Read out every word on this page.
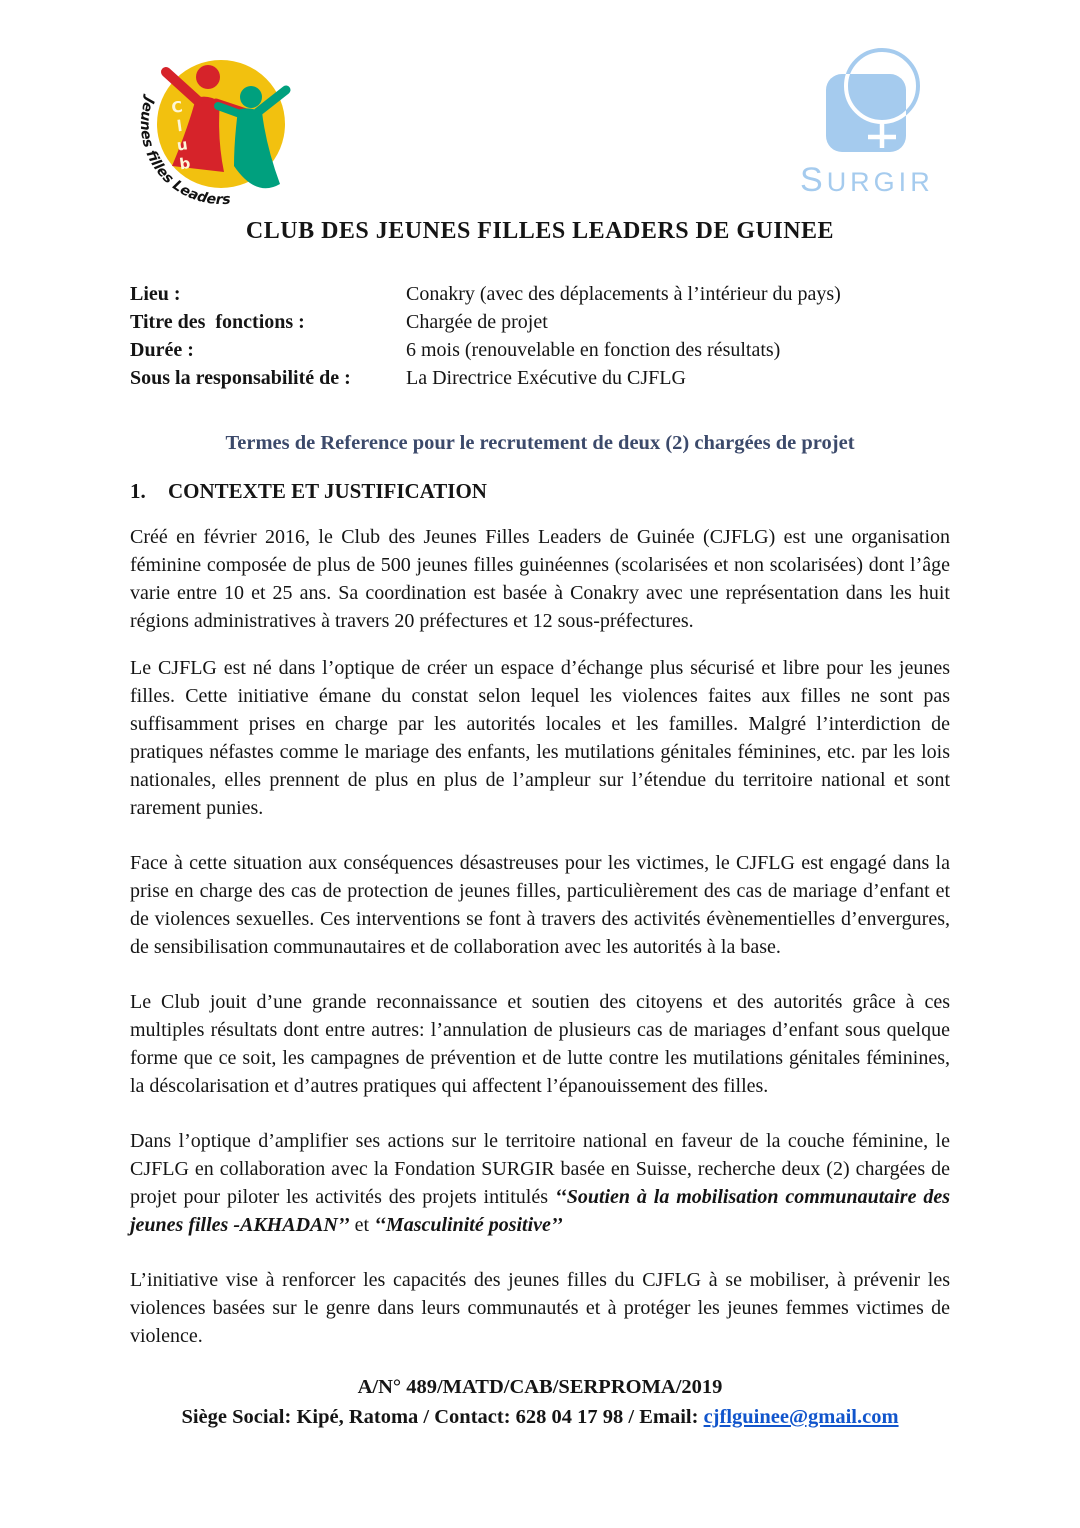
Jeunes filles Leaders
Club
SURGIR
CLUB DES JEUNES FILLES LEADERS DE GUINEE
Lieu :	Conakry (avec des déplacements à l’intérieur du pays)
Titre des  fonctions :	Chargée de projet
Durée :	6 mois (renouvelable en fonction des résultats)
Sous la responsabilité de :	La Directrice Exécutive du CJFLG
Termes de Reference pour le recrutement de deux (2) chargées de projet
1.	CONTEXTE ET JUSTIFICATION

Créé en février 2016, le Club des Jeunes Filles Leaders de Guinée (CJFLG) est une organisation féminine composée de plus de 500 jeunes filles guinéennes (scolarisées et non scolarisées) dont l’âge varie entre 10 et 25 ans. Sa coordination est basée à Conakry avec une représentation dans les huit régions administratives à travers 20 préfectures et 12 sous-préfectures.

Le CJFLG est né dans l’optique de créer un espace d’échange plus sécurisé et libre pour les jeunes filles. Cette initiative émane du constat selon lequel les violences faites aux filles ne sont pas suffisamment prises en charge par les autorités locales et les familles. Malgré l’interdiction de pratiques néfastes comme le mariage des enfants, les mutilations génitales féminines, etc. par les lois nationales, elles prennent de plus en plus de l’ampleur sur l’étendue du territoire national et sont rarement punies.

Face à cette situation aux conséquences désastreuses pour les victimes, le CJFLG est engagé dans la prise en charge des cas de protection de jeunes filles, particulièrement des cas de mariage d’enfant et de violences sexuelles. Ces interventions se font à travers des activités évènementielles d’envergures, de sensibilisation communautaires et de collaboration avec les autorités à la base.

Le Club jouit d’une grande reconnaissance et soutien des citoyens et des autorités grâce à ces multiples résultats dont entre autres: l’annulation de plusieurs cas de mariages d’enfant sous quelque forme que ce soit, les campagnes de prévention et de lutte contre les mutilations génitales féminines, la déscolarisation et d’autres pratiques qui affectent l’épanouissement des filles.

Dans l’optique d’amplifier ses actions sur le territoire national en faveur de la couche féminine, le CJFLG en collaboration avec la Fondation SURGIR basée en Suisse, recherche deux (2) chargées de projet pour piloter les activités des projets intitulés ‘‘Soutien à la mobilisation communautaire des jeunes filles -AKHADAN’’ et ‘‘Masculinité positive’’

L’initiative vise à renforcer les capacités des jeunes filles du CJFLG à se mobiliser, à prévenir les violences basées sur le genre dans leurs communautés et à protéger les jeunes femmes victimes de violence.

A/N° 489/MATD/CAB/SERPROMA/2019
Siège Social: Kipé, Ratoma / Contact: 628 04 17 98 / Email: cjflguinee@gmail.com
